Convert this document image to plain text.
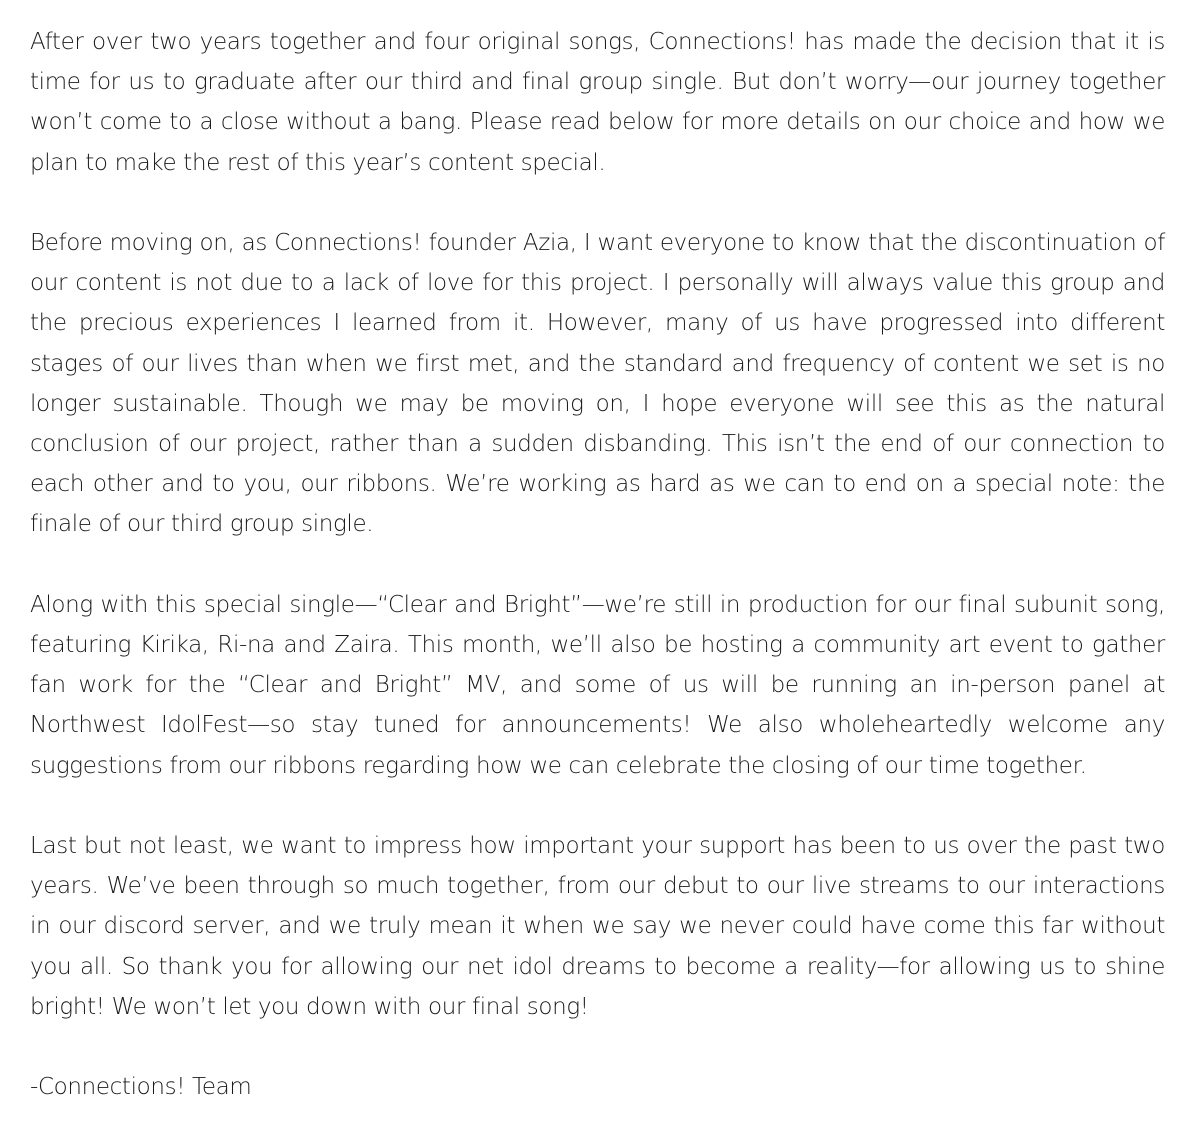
After over two years together and four original songs, Connections! has made the decision that it is time for us to graduate after our third and final group single. But don’t worry—our journey together won’t come to a close without a bang. Please read below for more details on our choice and how we plan to make the rest of this year’s content special.

Before moving on, as Connections! founder Azia, I want everyone to know that the discontinuation of our content is not due to a lack of love for this project. I personally will always value this group and the precious experiences I learned from it. However, many of us have progressed into different stages of our lives than when we first met, and the standard and frequency of content we set is no longer sustainable. Though we may be moving on, I hope everyone will see this as the natural conclusion of our project, rather than a sudden disbanding. This isn’t the end of our connection to each other and to you, our ribbons. We’re working as hard as we can to end on a special note: the finale of our third group single.

Along with this special single—“Clear and Bright”—we’re still in production for our final subunit song, featuring Kirika, Ri-na and Zaira. This month, we’ll also be hosting a community art event to gather fan work for the “Clear and Bright” MV, and some of us will be running an in-person panel at Northwest IdolFest—so stay tuned for announcements! We also wholeheartedly welcome any suggestions from our ribbons regarding how we can celebrate the closing of our time together.

Last but not least, we want to impress how important your support has been to us over the past two years. We’ve been through so much together, from our debut to our live streams to our interactions in our discord server, and we truly mean it when we say we never could have come this far without you all. So thank you for allowing our net idol dreams to become a reality—for allowing us to shine bright! We won’t let you down with our final song!

-Connections! Team
